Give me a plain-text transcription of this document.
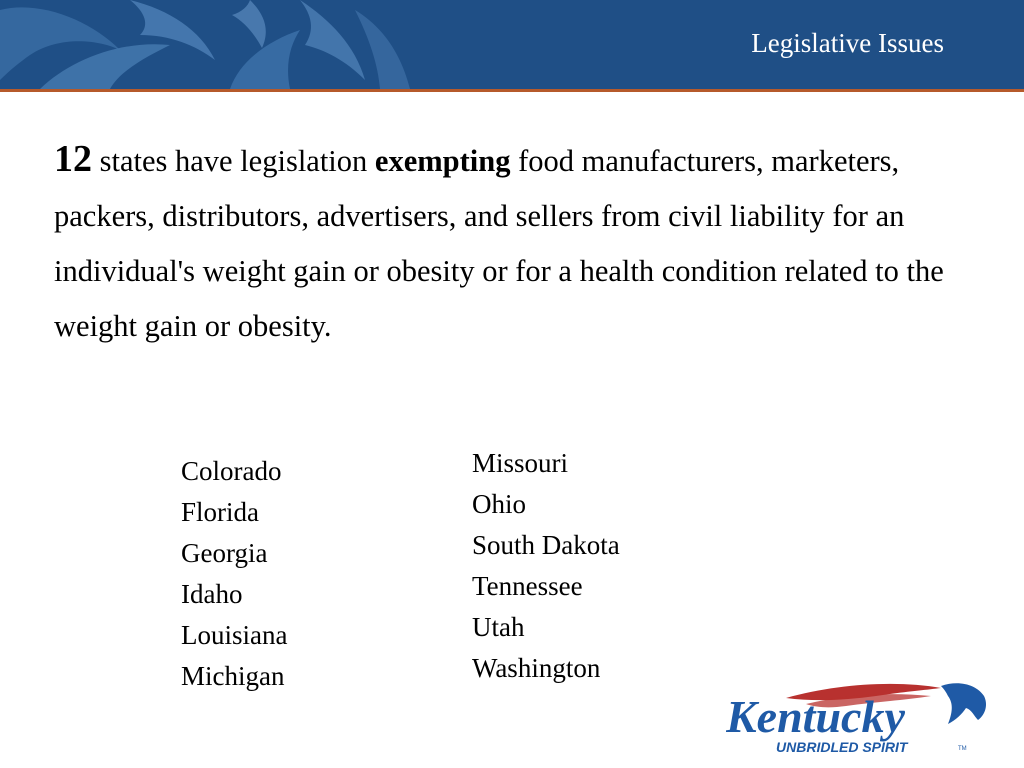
Legislative Issues
12 states have legislation exempting food manufacturers, marketers, packers, distributors, advertisers, and sellers from civil liability for an individual's weight gain or obesity or for a health condition related to the weight gain or obesity.
Colorado
Florida
Georgia
Idaho
Louisiana
Michigan
Missouri
Ohio
South Dakota
Tennessee
Utah
Washington
Kentucky
UNBRIDLED SPIRIT	TM
